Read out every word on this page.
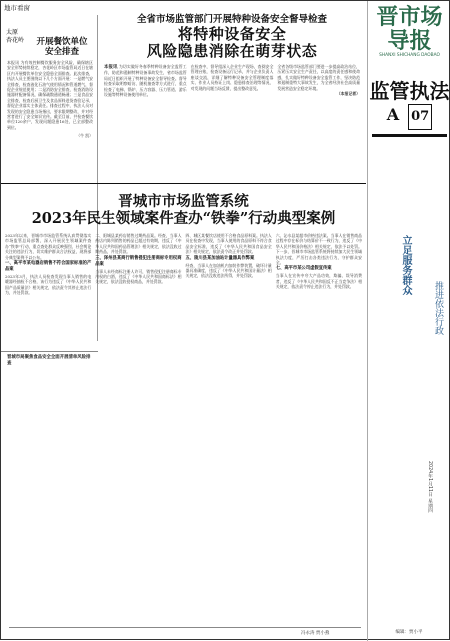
地市看窗
太原
杏花岭	开展餐饮单位
安全排查
本报讯 为有效控制餐饮服务安全风险，确保辖区安全形势持续稳定，杏花岭区市场监管局近日在辖区内开展餐饮单位安全隐患全面排查。此次排查，执法人员主要围绕以下几个方面开展：一是燃气安全排查，检查液化石油气使用情况和管道燃气，督促企业规范使用；二是消防安全排查，检查消防设施器材配备情况，确保疏散通道畅通；三是食品安全排查，检查后厨卫生及食品原料进货查验记录，督促企业落实主体责任。排查过程中，执法人员对发现的安全隐患当场指出，要求限期整改，并对经营者进行了安全知识宣传。截至目前，共检查餐饮单位120余户，发现问题隐患16处，已全部整改到位。
（牛 凯）
晋城市局聚焦食品安全全面开展清单风险排查
全省市场监管部门开展特种设备安全督导检查
将特种设备安全
风险隐患消除在萌芽状态
本报讯 为切实做好冬春季特种设备安全监管工作，防范和遏制特种设备事故发生，省市场监管局近日组织开展了特种设备安全督导检查。督导检查采取明察暗访、随机抽查等方式进行，重点检查了电梯、锅炉、压力容器、压力管道、游乐设施等特种设备使用单位。
在检查中，督导组深入企业生产现场，查阅安全管理台账，检查设备运行记录，并与企业负责人座谈交流，详细了解特种设备安全管理制度落实、作业人员持证上岗、隐患排查治理等情况，对发现的问题当场反馈，提出整改意见。
全省各级市场监管部门要进一步提高政治站位，压紧压实安全生产责任，以高度的责任感和使命感，扎实做好特种设备安全监管工作，坚决防范和遏制重特大事故发生，为全省经济社会高质量发展营造安全稳定环境。
（本报记者）
晋市场导报
SHANXI SHICHANG DAOBAO
监管执法
A 07
立足服务群众
推进依法行政
2024年1月11日 星期四
编辑：贾小平
晋城市市场监管系统
2023年民生领域案件查办“铁拳”行动典型案例
2023年以来，晋城市市场监管系统认真贯彻落实市场监管总局部署，深入开展民生领域案件查办“铁拳”行动，重点查处群众反映强烈、社会舆论关注的违法行为，切实维护群众合法权益，现将部分典型案例予以公布。
一、高平市某电器店销售不符合国家标准的产品案
2023年3月，执法人员检查发现当事人销售的电暖器经抽检不合格，该行为违反了《中华人民共和国产品质量法》相关规定，依法责令其停止违法行为，并处罚款。
二、阳城县某药店销售过期药品案。经查，当事人药店内陈列销售的药品已超过有效期，违反了《中华人民共和国药品管理法》相关规定，依法没收过期药品，并处罚款。
三、泽州县某商行销售侵犯注册商标专用权商品案
当事人未经商标注册人许可，销售侵犯注册商标专用权的白酒，违反了《中华人民共和国商标法》相关规定，依法没收侵权商品，并处罚款。
四、城区某餐饮店使用不合格食品原料案。执法人员在检查中发现，当事人使用的食品原料不符合食品安全标准，违反了《中华人民共和国食品安全法》相关规定，依法责令改正并处罚款。
五、陵川县某加油站计量器具作弊案
经查，当事人在加油机内加装作弊装置，破坏计量器具准确度，违反了《中华人民共和国计量法》相关规定，依法没收违法所得，并处罚款。
六、沁水县某超市价格违法案。当事人在销售商品过程中存在标价与结算价不一致行为，违反了《中华人民共和国价格法》相关规定，依法予以处罚。下一步，晋城市市场监管系统将持续加大民生领域执法力度，严厉打击各类违法行为，守护群众安全。
七、高平市某公司虚假宣传案
当事人在宣传中夸大产品功效，欺骗、误导消费者，违反了《中华人民共和国反不正当竞争法》相关规定，依法责令停止违法行为，并处罚款。
冯永涛 贾小燕
